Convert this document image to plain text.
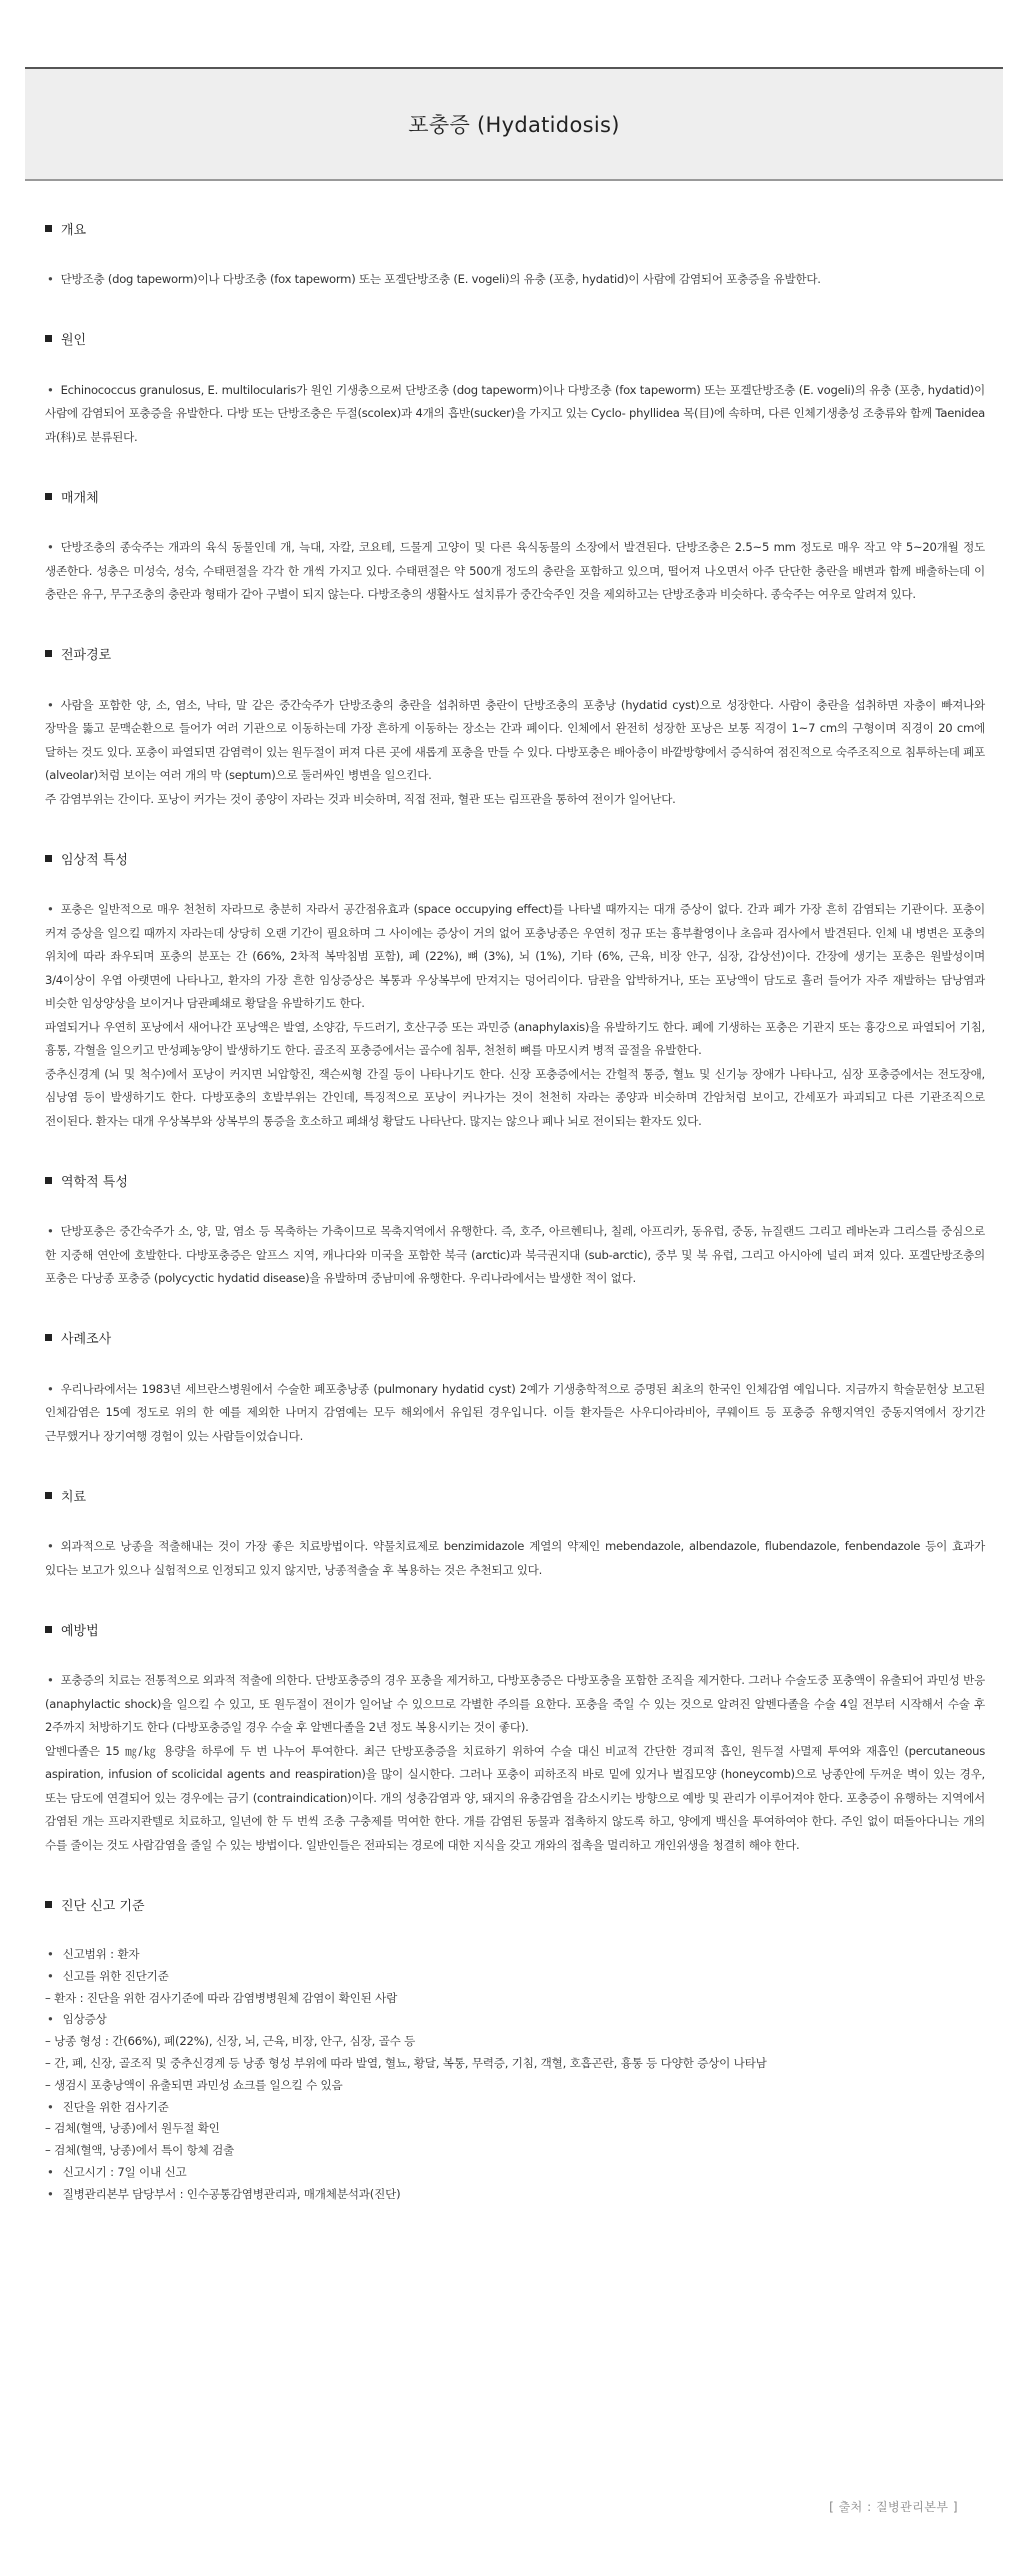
포충증 (Hydatidosis)
개요

• 단방조충 (dog tapeworm)이나 다방조충 (fox tapeworm) 또는 포겔단방조충 (E. vogeli)의 유충 (포충, hydatid)이 사람에 감염되어 포충증을 유발한다.

원인

• Echinococcus granulosus, E. multilocularis가 원인 기생충으로써 단방조충 (dog tapeworm)이나 다방조충 (fox tapeworm) 또는 포겔단방조충 (E. vogeli)의 유충 (포충, hydatid)이 사람에 감염되어 포충증을 유발한다. 다방 또는 단방조충은 두절(scolex)과 4개의 흡반(sucker)을 가지고 있는 Cyclo- phyllidea 목(目)에 속하며, 다른 인체기생충성 조충류와 함께 Taenidea 과(科)로 분류된다.

매개체

• 단방조충의 종숙주는 개과의 육식 동물인데 개, 늑대, 자칼, 코요테, 드물게 고양이 및 다른 육식동물의 소장에서 발견된다. 단방조충은 2.5~5 mm 정도로 매우 작고 약 5~20개월 정도 생존한다. 성충은 미성숙, 성숙, 수태편절을 각각 한 개씩 가지고 있다. 수태편절은 약 500개 정도의 충란을 포함하고 있으며, 떨어져 나오면서 아주 단단한 충란을 배변과 함께 배출하는데 이 충란은 유구, 무구조충의 충란과 형태가 같아 구별이 되지 않는다. 다방조충의 생활사도 설치류가 중간숙주인 것을 제외하고는 단방조충과 비슷하다. 종숙주는 여우로 알려져 있다.

전파경로

• 사람을 포함한 양, 소, 염소, 낙타, 말 같은 중간숙주가 단방조충의 충란을 섭취하면 충란이 단방조충의 포충낭 (hydatid cyst)으로 성장한다. 사람이 충란을 섭취하면 자충이 빠져나와 장막을 뚫고 문맥순환으로 들어가 여러 기관으로 이동하는데 가장 흔하게 이동하는 장소는 간과 폐이다. 인체에서 완전히 성장한 포낭은 보통 직경이 1~7 cm의 구형이며 직경이 20 cm에 달하는 것도 있다. 포충이 파열되면 감염력이 있는 원두절이 퍼져 다른 곳에 새롭게 포충을 만들 수 있다. 다방포충은 배아층이 바깥방향에서 증식하여 점진적으로 숙주조직으로 침투하는데 폐포 (alveolar)처럼 보이는 여러 개의 막 (septum)으로 둘러싸인 병변을 일으킨다.

주 감염부위는 간이다. 포낭이 커가는 것이 종양이 자라는 것과 비슷하며, 직접 전파, 혈관 또는 림프관을 통하여 전이가 일어난다.

임상적 특성

• 포충은 일반적으로 매우 천천히 자라므로 충분히 자라서 공간점유효과 (space occupying effect)를 나타낼 때까지는 대개 증상이 없다. 간과 폐가 가장 흔히 감염되는 기관이다. 포충이 커져 증상을 일으킬 때까지 자라는데 상당히 오랜 기간이 필요하며 그 사이에는 증상이 거의 없어 포충낭종은 우연히 정규 또는 흉부촬영이나 초음파 검사에서 발견된다. 인체 내 병변은 포충의 위치에 따라 좌우되며 포충의 분포는 간 (66%, 2차적 복막침범 포함), 폐 (22%), 뼈 (3%), 뇌 (1%), 기타 (6%, 근육, 비장 안구, 심장, 갑상선)이다. 간장에 생기는 포충은 원발성이며 3/4이상이 우엽 아랫면에 나타나고, 환자의 가장 흔한 임상증상은 복통과 우상복부에 만져지는 덩어리이다. 담관을 압박하거나, 또는 포낭액이 담도로 흘러 들어가 자주 재발하는 담낭염과 비슷한 임상양상을 보이거나 담관폐쇄로 황달을 유발하기도 한다.

파열되거나 우연히 포낭에서 새어나간 포낭액은 발열, 소양감, 두드러기, 호산구증 또는 과민증 (anaphylaxis)을 유발하기도 한다. 폐에 기생하는 포충은 기관지 또는 흉강으로 파열되어 기침, 흉통, 각혈을 일으키고 만성폐농양이 발생하기도 한다. 골조직 포충증에서는 골수에 침투, 천천히 뼈를 마모시켜 병적 골절을 유발한다.

중추신경계 (뇌 및 척수)에서 포낭이 커지면 뇌압항진, 잭슨씨형 간질 등이 나타나기도 한다. 신장 포충증에서는 간헐적 통증, 혈뇨 및 신기능 장애가 나타나고, 심장 포충증에서는 전도장애, 심낭염 등이 발생하기도 한다. 다방포충의 호발부위는 간인데, 특징적으로 포낭이 커나가는 것이 천천히 자라는 종양과 비슷하며 간암처럼 보이고, 간세포가 파괴되고 다른 기관조직으로 전이된다. 환자는 대개 우상복부와 상복부의 통증을 호소하고 폐쇄성 황달도 나타난다. 많지는 않으나 폐나 뇌로 전이되는 환자도 있다.

역학적 특성

• 단방포충은 중간숙주가 소, 양, 말, 염소 등 목축하는 가축이므로 목축지역에서 유행한다. 즉, 호주, 아르헨티나, 칠레, 아프리카, 동유럽, 중동, 뉴질랜드 그리고 레바논과 그리스를 중심으로 한 지중해 연안에 호발한다. 다방포충증은 알프스 지역, 캐나다와 미국을 포함한 북극 (arctic)과 북극권지대 (sub-arctic), 중부 및 북 유럽, 그리고 아시아에 널리 퍼져 있다. 포겔단방조충의 포충은 다낭종 포충증 (polycyctic hydatid disease)을 유발하며 중남미에 유행한다. 우리나라에서는 발생한 적이 없다.

사례조사

• 우리나라에서는 1983년 세브란스병원에서 수술한 폐포충낭종 (pulmonary hydatid cyst) 2예가 기생충학적으로 증명된 최초의 한국인 인체감염 예입니다. 지금까지 학술문헌상 보고된 인체감염은 15예 정도로 위의 한 예를 제외한 나머지 감염예는 모두 해외에서 유입된 경우입니다. 이들 환자들은 사우디아라비아, 쿠웨이트 등 포충증 유행지역인 중동지역에서 장기간 근무했거나 장기여행 경험이 있는 사람들이었습니다.

치료

• 외과적으로 낭종을 적출해내는 것이 가장 좋은 치료방법이다. 약물치료제로 benzimidazole 계열의 약제인 mebendazole, albendazole, flubendazole, fenbendazole 등이 효과가 있다는 보고가 있으나 실험적으로 인정되고 있지 않지만, 낭종적출술 후 복용하는 것은 추천되고 있다.

예방법

• 포충증의 치료는 전통적으로 외과적 적출에 의한다. 단방포충증의 경우 포충을 제거하고, 다방포충증은 다방포충을 포함한 조직을 제거한다. 그러나 수술도중 포충액이 유출되어 과민성 반응 (anaphylactic shock)을 일으킬 수 있고, 또 원두절이 전이가 일어날 수 있으므로 각별한 주의를 요한다. 포충을 죽일 수 있는 것으로 알려진 알벤다졸을 수술 4일 전부터 시작해서 수술 후 2주까지 처방하기도 한다 (다방포충증일 경우 수술 후 알벤다졸을 2년 정도 복용시키는 것이 좋다).

알벤다졸은 15 ㎎/㎏ 용량을 하루에 두 번 나누어 투여한다. 최근 단방포충증을 치료하기 위하여 수술 대신 비교적 간단한 경피적 흡인, 원두절 사멸제 투여와 재흡인 (percutaneous aspiration, infusion of scolicidal agents and reaspiration)을 많이 실시한다. 그러나 포충이 피하조직 바로 밑에 있거나 벌집모양 (honeycomb)으로 낭종안에 두꺼운 벽이 있는 경우, 또는 담도에 연결되어 있는 경우에는 금기 (contraindication)이다. 개의 성충감염과 양, 돼지의 유충감염을 감소시키는 방향으로 예방 및 관리가 이루어져야 한다. 포충증이 유행하는 지역에서 감염된 개는 프라지콴텔로 치료하고, 일년에 한 두 번씩 조충 구충제를 먹여한 한다. 개를 감염된 동물과 접촉하지 않도록 하고, 양에게 백신을 투여하여야 한다. 주인 없이 떠돌아다니는 개의 수를 줄이는 것도 사람감염을 줄일 수 있는 방법이다. 일반인들은 전파되는 경로에 대한 지식을 갖고 개와의 접촉을 멀리하고 개인위생을 청결히 해야 한다.

진단 신고 기준
• 신고범위 : 환자
• 신고를 위한 진단기준
– 환자 : 진단을 위한 검사기준에 따라 감염병병원체 감염이 확인된 사람
• 임상증상
– 낭종 형성 : 간(66%), 폐(22%), 신장, 뇌, 근육, 비장, 안구, 심장, 골수 등
– 간, 폐, 신장, 골조직 및 중추신경계 등 낭종 형성 부위에 따라 발열, 혈뇨, 황달, 복통, 무력증, 기침, 객혈, 호흡곤란, 흉통 등 다양한 증상이 나타남
– 생검시 포충낭액이 유출되면 과민성 쇼크를 일으킬 수 있음
• 진단을 위한 검사기준
– 검체(혈액, 낭종)에서 원두절 확인
– 검체(혈액, 낭종)에서 특이 항체 검출
• 신고시기 : 7일 이내 신고
• 질병관리본부 담당부서 : 인수공통감염병관리과, 매개체분석과(진단)
[ 출처 : 질병관리본부 ]
